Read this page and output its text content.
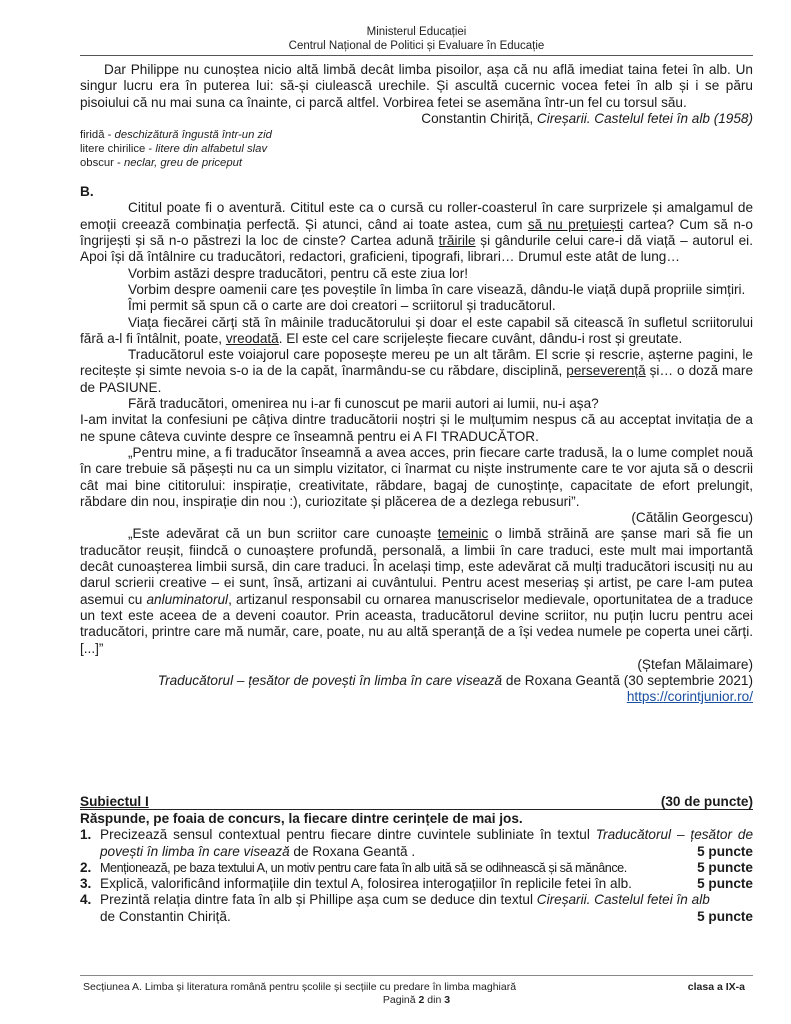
Ministerul Educației
Centrul Național de Politici și Evaluare în Educație

Dar Philippe nu cunoștea nicio altă limbă decât limba pisoilor, așa că nu află imediat taina fetei în alb. Un singur lucru era în puterea lui: să-și ciulească urechile. Și ascultă cucernic vocea fetei în alb și i se păru pisoiului că nu mai suna ca înainte, ci parcă altfel. Vorbirea fetei se asemăna într-un fel cu torsul său.

Constantin Chiriță, Cireșarii. Castelul fetei în alb (1958)

firidă - deschizătură îngustă într-un zid
litere chirilice - litere din alfabetul slav
obscur - neclar, greu de priceput
B.

Cititul poate fi o aventură. Cititul este ca o cursă cu roller-coasterul în care surprizele și amalgamul de emoții creează combinația perfectă. Și atunci, când ai toate astea, cum să nu prețuiești cartea? Cum să n-o îngrijești și să n-o păstrezi la loc de cinste? Cartea adună trăirile și gândurile celui care-i dă viață – autorul ei. Apoi își dă întâlnire cu traducători, redactori, graficieni, tipografi, librari… Drumul este atât de lung…

Vorbim astăzi despre traducători, pentru că este ziua lor!

Vorbim despre oamenii care țes poveștile în limba în care visează, dându-le viață după propriile simțiri.

Îmi permit să spun că o carte are doi creatori – scriitorul și traducătorul.

Viața fiecărei cărți stă în mâinile traducătorului și doar el este capabil să citească în sufletul scriitorului fără a-l fi întâlnit, poate, vreodată. El este cel care scrijelește fiecare cuvânt, dându-i rost și greutate.

Traducătorul este voiajorul care poposește mereu pe un alt tărâm. El scrie și rescrie, așterne pagini, le recitește și simte nevoia s-o ia de la capăt, înarmându-se cu răbdare, disciplină, perseverență și… o doză mare de PASIUNE.

Fără traducători, omenirea nu i-ar fi cunoscut pe marii autori ai lumii, nu-i așa?

I-am invitat la confesiuni pe câțiva dintre traducătorii noștri și le mulțumim nespus că au acceptat invitația de a ne spune câteva cuvinte despre ce înseamnă pentru ei A FI TRADUCĂTOR.

„Pentru mine, a fi traducător înseamnă a avea acces, prin fiecare carte tradusă, la o lume complet nouă în care trebuie să pășești nu ca un simplu vizitator, ci înarmat cu niște instrumente care te vor ajuta să o descrii cât mai bine cititorului: inspirație, creativitate, răbdare, bagaj de cunoștințe, capacitate de efort prelungit, răbdare din nou, inspirație din nou :), curiozitate și plăcerea de a dezlega rebusuri”.

(Cătălin Georgescu)

„Este adevărat că un bun scriitor care cunoaște temeinic o limbă străină are șanse mari să fie un traducător reușit, fiindcă o cunoaștere profundă, personală, a limbii în care traduci, este mult mai importantă decât cunoașterea limbii sursă, din care traduci. În același timp, este adevărat că mulți traducători iscusiți nu au darul scrierii creative – ei sunt, însă, artizani ai cuvântului. Pentru acest meseriaș și artist, pe care l-am putea asemui cu anluminatorul, artizanul responsabil cu ornarea manuscriselor medievale, oportunitatea de a traduce un text este aceea de a deveni coautor. Prin aceasta, traducătorul devine scriitor, nu puțin lucru pentru acei traducători, printre care mă număr, care, poate, nu au altă speranță de a își vedea numele pe coperta unei cărți.[...]”

(Ștefan Mălaimare)

Traducătorul – țesător de povești în limba în care visează de Roxana Geantă (30 septembrie 2021)

https://corintjunior.ro/

Subiectul I	(30 de puncte)
Răspunde, pe foaia de concurs, la fiecare dintre cerințele de mai jos.
1. Precizează sensul contextual pentru fiecare dintre cuvintele subliniate în textul Traducătorul – țesător de povești în limba în care visează de Roxana Geantă .	5 puncte
2. Menționează, pe baza textului A, un motiv pentru care fata în alb uită să se odihnească și să mănânce.	5 puncte
3. Explică, valorificând informațiile din textul A, folosirea interogațiilor în replicile fetei în alb.	5 puncte
4. Prezintă relația dintre fata în alb și Phillipe așa cum se deduce din textul Cireșarii. Castelul fetei în alb
de Constantin Chiriță.	5 puncte
Secțiunea A. Limba și literatura română pentru școlile și secțiile cu predare în limba maghiară	clasa a IX-a
Pagină 2 din 3
